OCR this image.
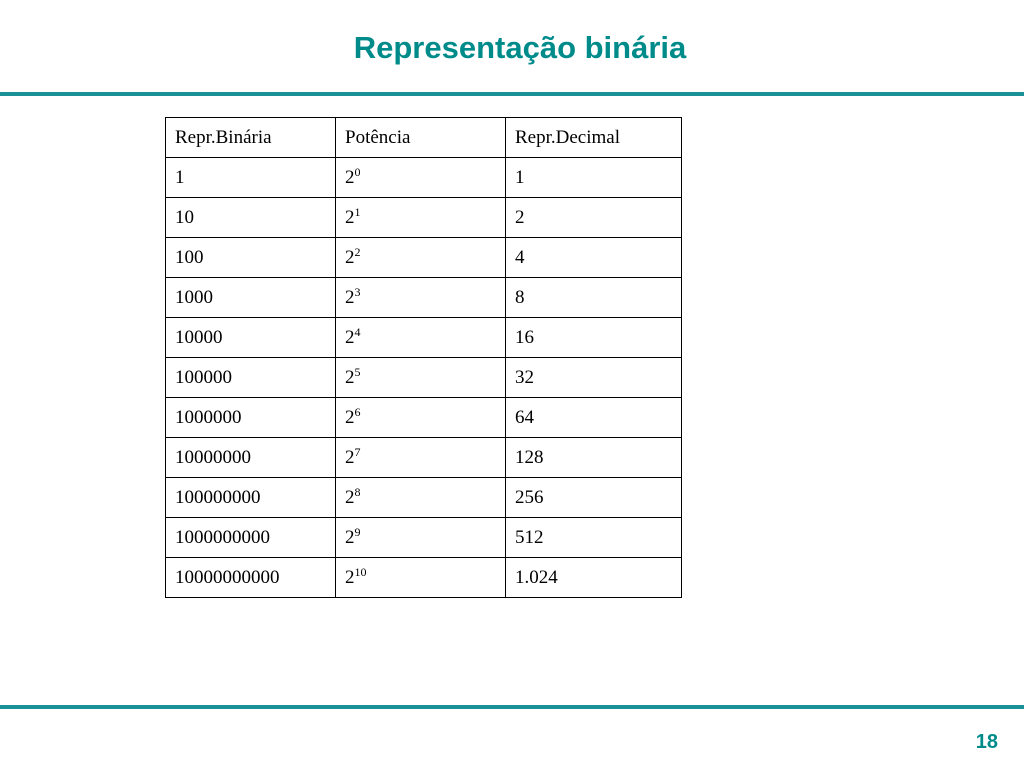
Representação binária
Repr.Binária	Potência	Repr.Decimal
1	$2^0$	1
10	$2^1$	2
100	$2^2$	4
1000	$2^3$	8
10000	$2^4$	16
100000	$2^5$	32
1000000	$2^6$	64
10000000	$2^7$	128
100000000	$2^8$	256
1000000000	$2^9$	512
10000000000	$2^{10}$	1.024
18
